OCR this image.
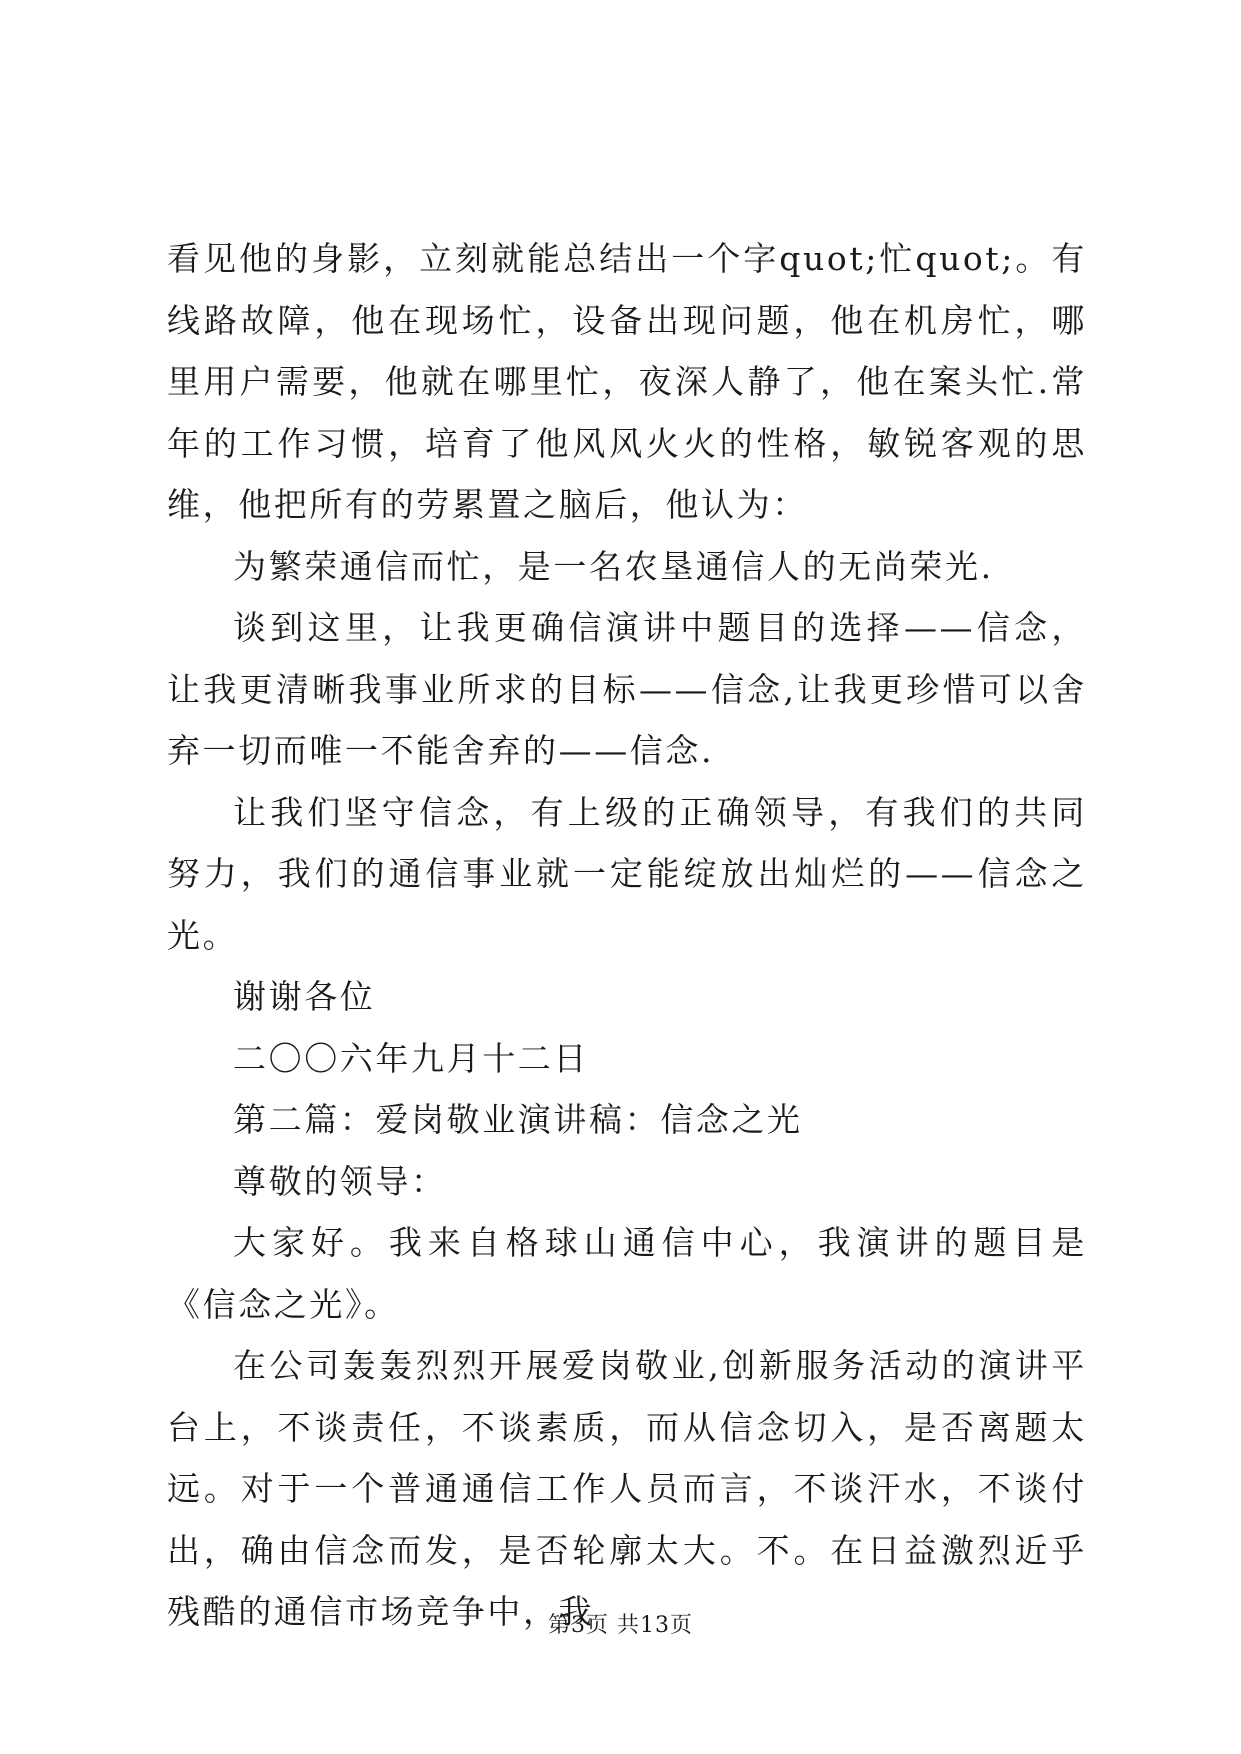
看见他的身影，立刻就能总结出一个字quot;忙quot;。有线路故障，他在现场忙，设备出现问题，他在机房忙，哪里用户需要，他就在哪里忙，夜深人静了，他在案头忙.常年的工作习惯，培育了他风风火火的性格，敏锐客观的思维，他把所有的劳累置之脑后，他认为：

为繁荣通信而忙，是一名农垦通信人的无尚荣光.

谈到这里，让我更确信演讲中题目的选择——信念，让我更清晰我事业所求的目标——信念,让我更珍惜可以舍弃一切而唯一不能舍弃的——信念.

让我们坚守信念，有上级的正确领导，有我们的共同努力，我们的通信事业就一定能绽放出灿烂的——信念之光。

谢谢各位

二〇〇六年九月十二日

第二篇：爱岗敬业演讲稿：信念之光

尊敬的领导：

大家好。我来自格球山通信中心，我演讲的题目是《信念之光》。

在公司轰轰烈烈开展爱岗敬业,创新服务活动的演讲平台上，不谈责任，不谈素质，而从信念切入，是否离题太远。对于一个普通通信工作人员而言，不谈汗水，不谈付出，确由信念而发，是否轮廓太大。不。在日益激烈近乎残酷的通信市场竞争中，我

第3页 共13页
